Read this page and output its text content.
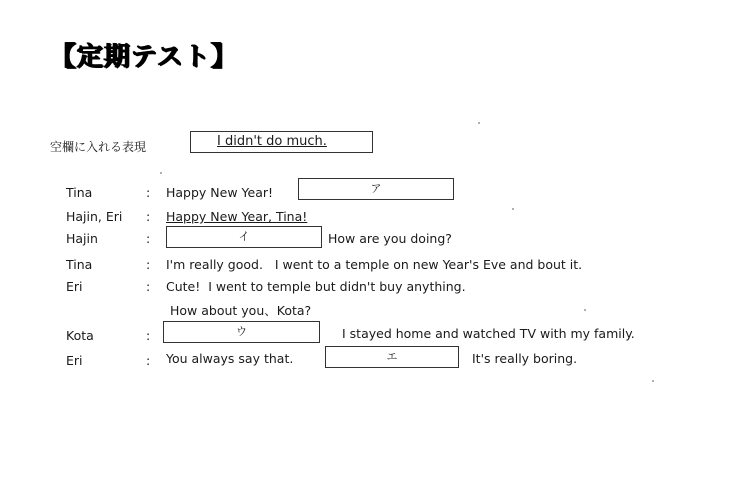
【定期テスト】
空欄に入れる表現	I didn't do much.
Tina	: Happy New Year!	ア
Hajin, Eri : Happy New Year, Tina!
Hajin	:	イ	How are you doing?
Tina	: I'm really good.   I went to a temple on new Year's Eve and bout it.
Eri	: Cute!  I went to temple but didn't buy anything.
How about you、Kota?
Kota	:	ウ	I stayed home and watched TV with my family.
Eri	: You always say that.	エ	It's really boring.
